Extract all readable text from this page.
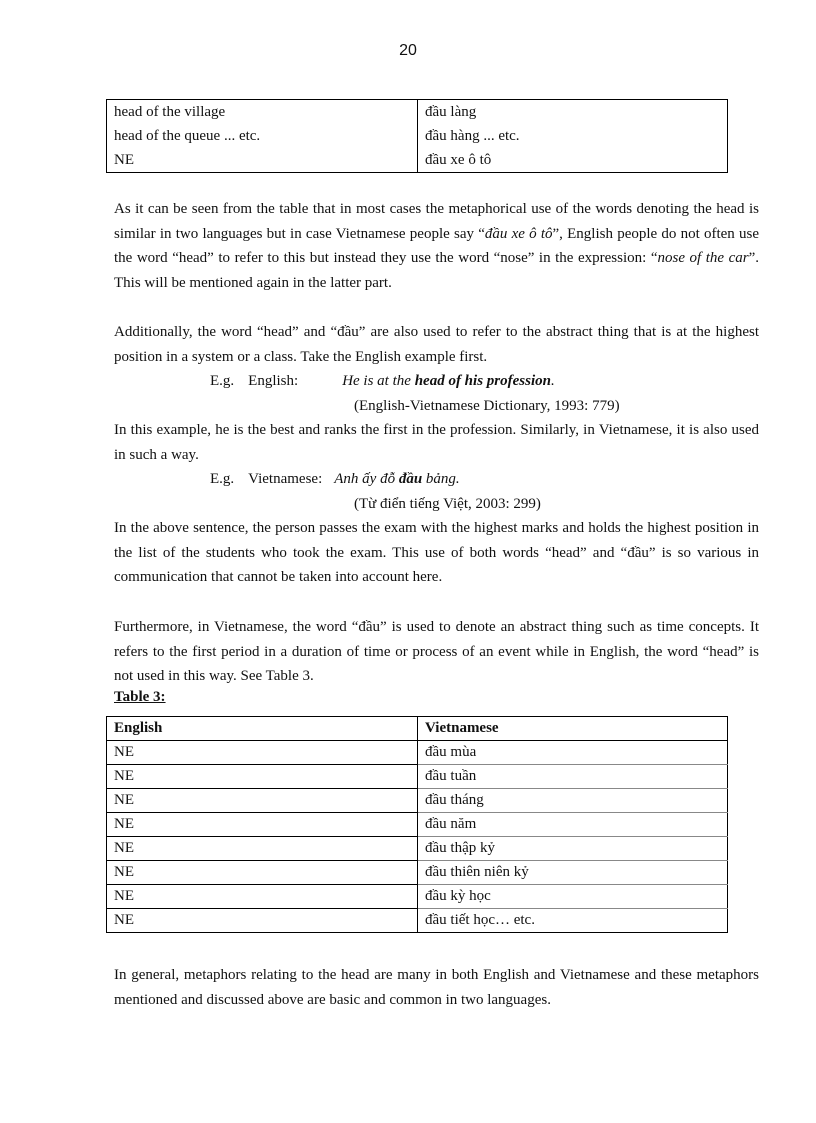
20
head of the village	đầu làng
head of the queue ... etc.	đầu hàng ... etc.
NE	đầu xe ô tô

As it can be seen from the table that in most cases the metaphorical use of the words denoting the head is similar in two languages but in case Vietnamese people say “đầu xe ô tô”, English people do not often use the word “head” to refer to this but instead they use the word “nose” in the expression: “nose of the car”. This will be mentioned again in the latter part.

Additionally, the word “head” and “đầu” are also used to refer to the abstract thing that is at the highest position in a system or a class. Take the English example first.

E.g. English:	He is at the head of his profession.

(English-Vietnamese Dictionary, 1993: 779)

In this example, he is the best and ranks the first in the profession. Similarly, in Vietnamese, it is also used in such a way.

E.g. Vietnamese: Anh ấy đỗ đầu bảng.

(Từ điển tiếng Việt, 2003: 299)

In the above sentence, the person passes the exam with the highest marks and holds the highest position in the list of the students who took the exam. This use of both words “head” and “đầu” is so various in communication that cannot be taken into account here.

Furthermore, in Vietnamese, the word “đầu” is used to denote an abstract thing such as time concepts. It refers to the first period in a duration of time or process of an event while in English, the word “head” is not used in this way. See Table 3.

Table 3:
English	Vietnamese
NE	đầu mùa
NE	đầu tuần
NE	đầu tháng
NE	đầu năm
NE	đầu thập kỷ
NE	đầu thiên niên kỷ
NE	đầu kỳ học
NE	đầu tiết học… etc.

In general, metaphors relating to the head are many in both English and Vietnamese and these metaphors mentioned and discussed above are basic and common in two languages.
